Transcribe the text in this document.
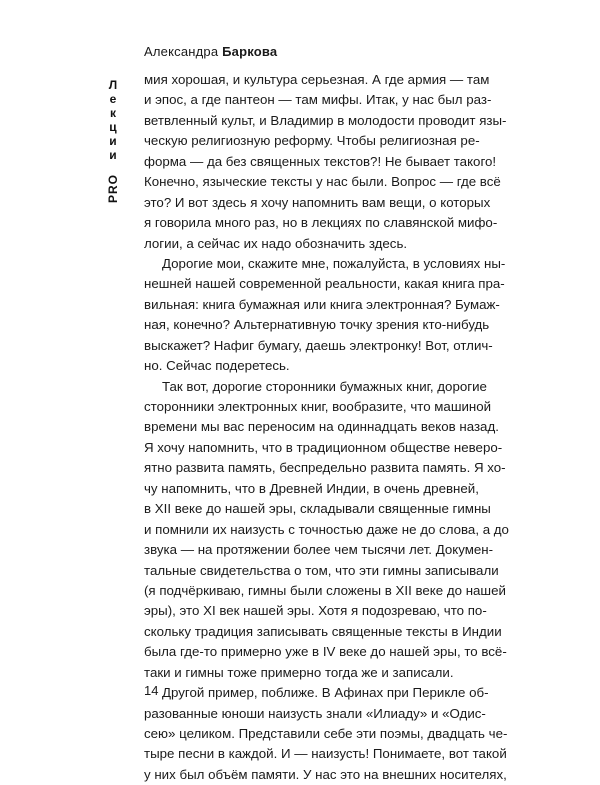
Александра Баркова
Л
е
к
ц
и
и
PRO
мия хорошая, и культура серьезная. А где армия — там
и эпос, а где пантеон — там мифы. Итак, у нас был раз-
ветвленный культ, и Владимир в молодости проводит язы-
ческую религиозную реформу. Чтобы религиозная ре-
форма — да без священных текстов?! Не бывает такого!
Конечно, языческие тексты у нас были. Вопрос — где всё
это? И вот здесь я хочу напомнить вам вещи, о которых
я говорила много раз, но в лекциях по славянской мифо-
логии, а сейчас их надо обозначить здесь.
Дорогие мои, скажите мне, пожалуйста, в условиях ны-
нешней нашей современной реальности, какая книга пра-
вильная: книга бумажная или книга электронная? Бумаж-
ная, конечно? Альтернативную точку зрения кто-нибудь
выскажет? Нафиг бумагу, даешь электронку! Вот, отлич-
но. Сейчас подеретесь.
Так вот, дорогие сторонники бумажных книг, дорогие
сторонники электронных книг, вообразите, что машиной
времени мы вас переносим на одиннадцать веков назад.
Я хочу напомнить, что в традиционном обществе неверо-
ятно развита память, беспредельно развита память. Я хо-
чу напомнить, что в Древней Индии, в очень древней,
в XII веке до нашей эры, складывали священные гимны
и помнили их наизусть с точностью даже не до слова, а до
звука — на протяжении более чем тысячи лет. Докумен-
тальные свидетельства о том, что эти гимны записывали
(я подчёркиваю, гимны были сложены в XII веке до нашей
эры), это XI век нашей эры. Хотя я подозреваю, что по-
скольку традиция записывать священные тексты в Индии
была где-то примерно уже в IV веке до нашей эры, то всё-
таки и гимны тоже примерно тогда же и записали.
Другой пример, поближе. В Афинах при Перикле об-
разованные юноши наизусть знали «Илиаду» и «Одис-
сею» целиком. Представили себе эти поэмы, двадцать че-
тыре песни в каждой. И — наизусть! Понимаете, вот такой
у них был объём памяти. У нас это на внешних носителях,
14
